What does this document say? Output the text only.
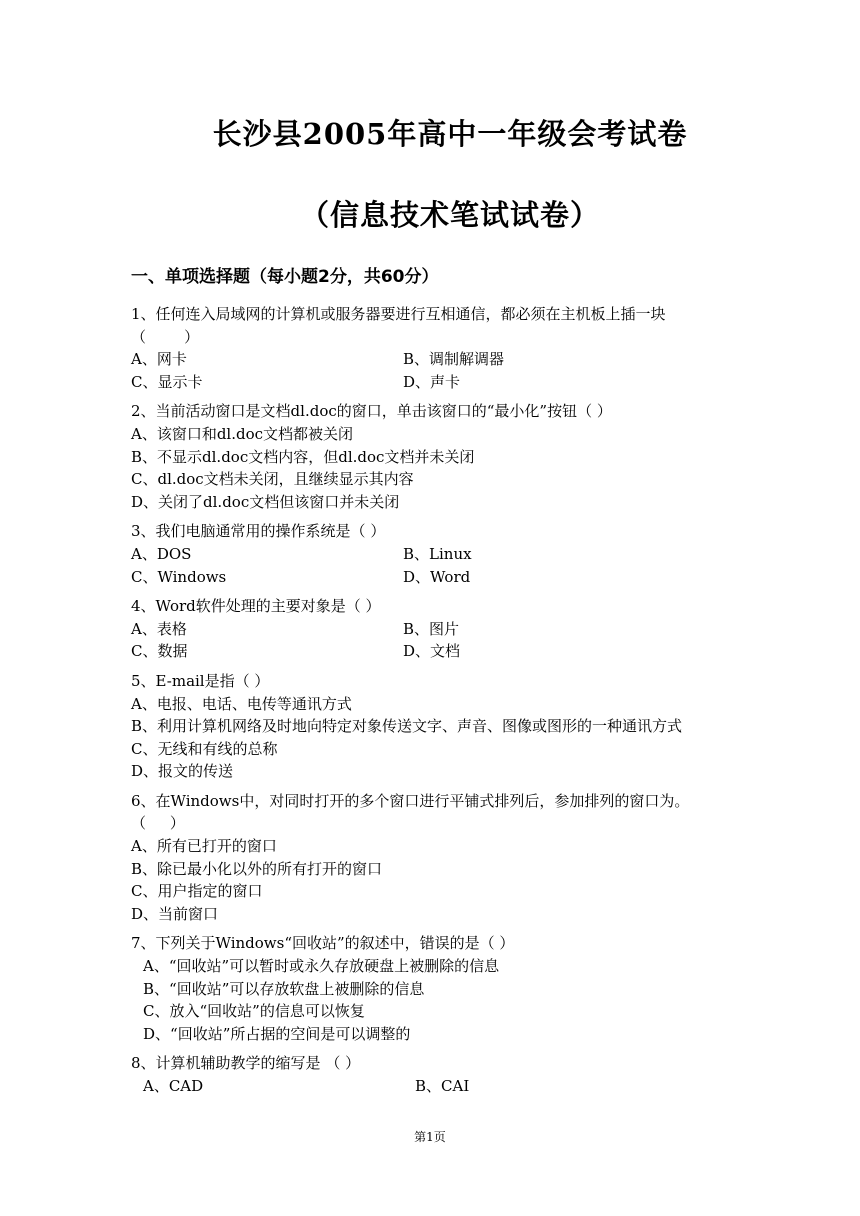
长沙县2005年高中一年级会考试卷
（信息技术笔试试卷）
一、单项选择题（每小题2分，共60分）
1、任何连入局域网的计算机或服务器要进行互相通信，都必须在主机板上插一块
（        ）
A、网卡	B、调制解调器
C、显示卡	D、声卡
2、当前活动窗口是文档dl.doc的窗口，单击该窗口的“最小化”按钮（ ）
A、该窗口和dl.doc文档都被关闭
B、不显示dl.doc文档内容，但dl.doc文档并未关闭
C、dl.doc文档未关闭，且继续显示其内容
D、关闭了dl.doc文档但该窗口并未关闭
3、我们电脑通常用的操作系统是（ ）
A、DOS	B、Linux
C、Windows	D、Word
4、Word软件处理的主要对象是（ ）
A、表格	B、图片
C、数据	D、文档
5、E-mail是指（ ）
A、电报、电话、电传等通讯方式
B、利用计算机网络及时地向特定对象传送文字、声音、图像或图形的一种通讯方式
C、无线和有线的总称
D、报文的传送
6、在Windows中，对同时打开的多个窗口进行平铺式排列后，参加排列的窗口为。
（     ）
A、所有已打开的窗口
B、除已最小化以外的所有打开的窗口
C、用户指定的窗口
D、当前窗口
7、下列关于Windows“回收站”的叙述中，错误的是（ ）
A、“回收站”可以暂时或永久存放硬盘上被删除的信息
B、“回收站”可以存放软盘上被删除的信息
C、放入“回收站”的信息可以恢复
D、“回收站”所占据的空间是可以调整的
8、计算机辅助教学的缩写是 （ ）
A、CAD	B、CAI
第1页
